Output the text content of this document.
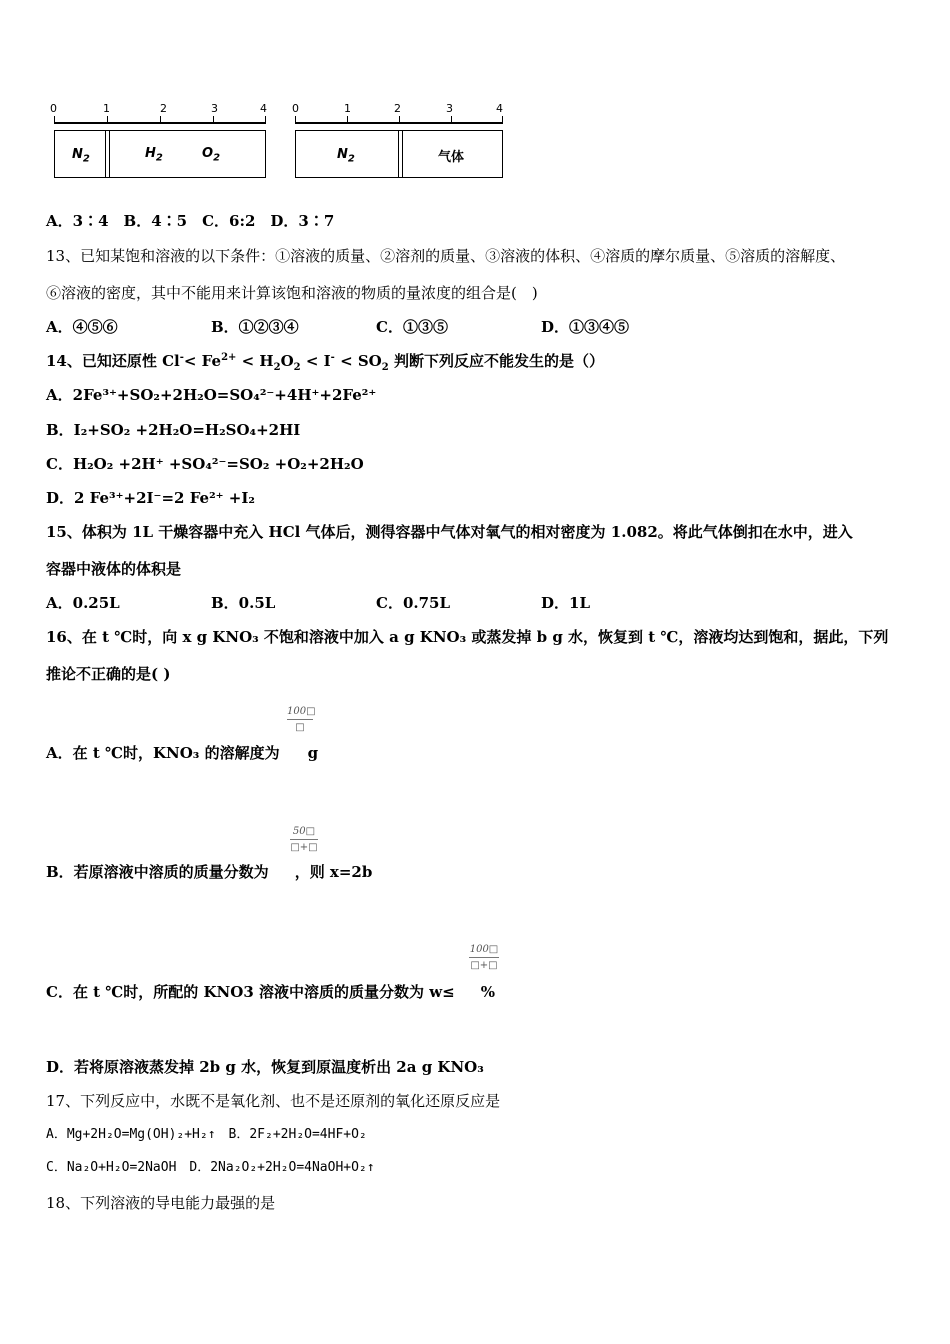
0	1	2	3	4
$N_2$	$H_2$	$O_2$
0	1	2	3	4
$N_2$	气体
A．3∶4　B．4∶5　C．6:2　D．3∶7
13、已知某饱和溶液的以下条件：①溶液的质量、②溶剂的质量、③溶液的体积、④溶质的摩尔质量、⑤溶质的溶解度、
⑥溶液的密度，其中不能用来计算该饱和溶液的物质的量浓度的组合是(　)
A．④⑤⑥	B．①②③④	C．①③⑤	D．①③④⑤
14、已知还原性 $Cl^-< Fe^{2+} < H_2O_2 < I^- < SO_2$ 判断下列反应不能发生的是（）
A．2Fe³⁺+SO₂+2H₂O=SO₄²⁻+4H⁺+2Fe²⁺
B．I₂+SO₂ +2H₂O=H₂SO₄+2HI
C．H₂O₂ +2H⁺ +SO₄²⁻=SO₂ +O₂+2H₂O
D．2 Fe³⁺+2I⁻=2 Fe²⁺ +I₂
15、体积为 1L 干燥容器中充入 HCl 气体后，测得容器中气体对氧气的相对密度为 1.082。将此气体倒扣在水中，进入
容器中液体的体积是
A．0.25L	B．0.5L	C．0.75L	D．1L
16、在 t ℃时，向 x g KNO₃ 不饱和溶液中加入 a g KNO₃ 或蒸发掉 b g 水，恢复到 t ℃，溶液均达到饱和，据此，下列
推论不正确的是( )
100□
□
A．在 t ℃时，KNO₃ 的溶解度为 g
50□
□+□
B．若原溶液中溶质的质量分数为 ，则 x=2b
100□
□+□
C．在 t ℃时，所配的 KNO3 溶液中溶质的质量分数为 w≤ %
D．若将原溶液蒸发掉 2b g 水，恢复到原温度析出 2a g KNO₃
17、下列反应中，水既不是氧化剂、也不是还原剂的氧化还原反应是
A．Mg+2H₂O=Mg(OH)₂+H₂↑　B．2F₂+2H₂O=4HF+O₂
C．Na₂O+H₂O=2NaOH　D．2Na₂O₂+2H₂O=4NaOH+O₂↑
18、下列溶液的导电能力最强的是
